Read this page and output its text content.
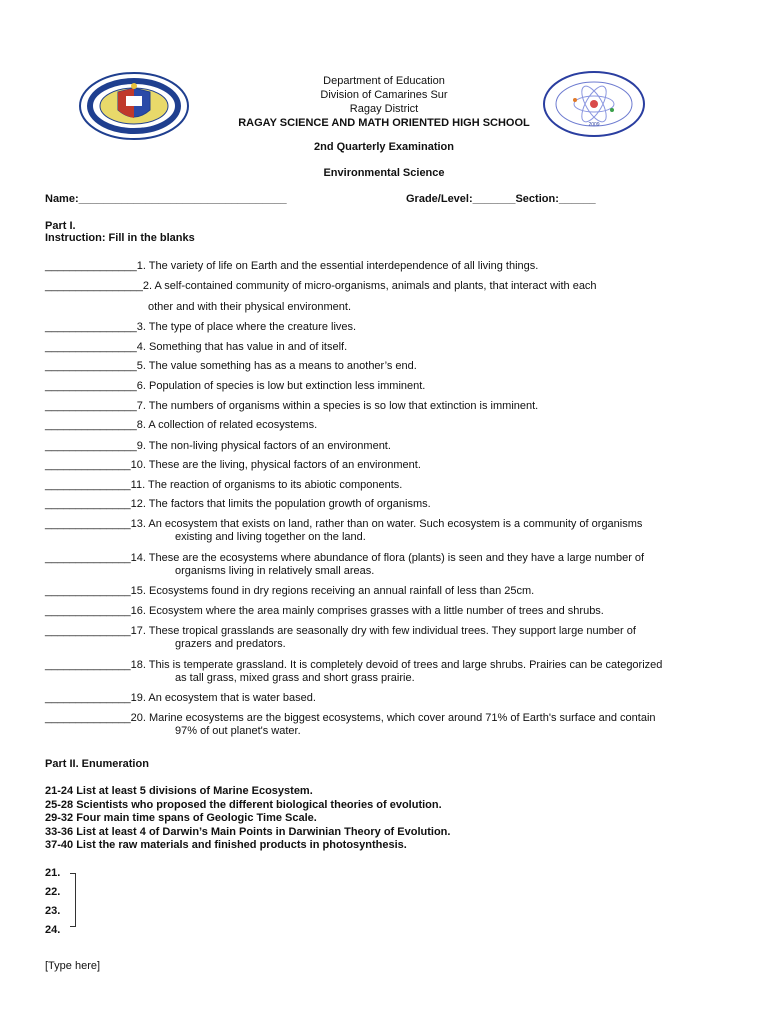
2009
Department of Education
Division of Camarines Sur
Ragay District
RAGAY SCIENCE AND MATH ORIENTED HIGH SCHOOL
2nd Quarterly Examination
Environmental Science
Name:__________________________________	Grade/Level:_______Section:______
Part I.
Instruction: Fill in the blanks
_______________1. The variety of life on Earth and the essential interdependence of all living things.
________________2. A self-contained community of micro-organisms, animals and plants, that interact with each
other and with their physical environment.
_______________3. The type of place where the creature lives.
_______________4. Something that has value in and of itself.
_______________5. The value something has as a means to another’s end.
_______________6. Population of species is low but extinction less imminent.
_______________7. The numbers of organisms within a species is so low that extinction is imminent.
_______________8. A collection of related ecosystems.
_______________9. The non-living physical factors of an environment.
______________10. These are the living, physical factors of an environment.
______________11. The reaction of organisms to its abiotic components.
______________12. The factors that limits the population growth of organisms.
______________13. An ecosystem that exists on land, rather than on water. Such ecosystem is a community of organisms
existing and living together on the land.
______________14. These are the ecosystems where abundance of flora (plants) is seen and they have a large number of
organisms living in relatively small areas.
______________15. Ecosystems found in dry regions receiving an annual rainfall of less than 25cm.
______________16. Ecosystem where the area mainly comprises grasses with a little number of trees and shrubs.
______________17. These tropical grasslands are seasonally dry with few individual trees. They support large number of
grazers and predators.
______________18. This is temperate grassland. It is completely devoid of trees and large shrubs. Prairies can be categorized
as tall grass, mixed grass and short grass prairie.
______________19. An ecosystem that is water based.
______________20. Marine ecosystems are the biggest ecosystems, which cover around 71% of Earth's surface and contain
97% of out planet's water.
Part II. Enumeration
21-24 List at least 5 divisions of Marine Ecosystem.
25-28 Scientists who proposed the different biological theories of evolution.
29-32 Four main time spans of Geologic Time Scale.
33-36 List at least 4 of Darwin’s Main Points in Darwinian Theory of Evolution.
37-40 List the raw materials and finished products in photosynthesis.
21.
22.
23.
24.
[Type here]
